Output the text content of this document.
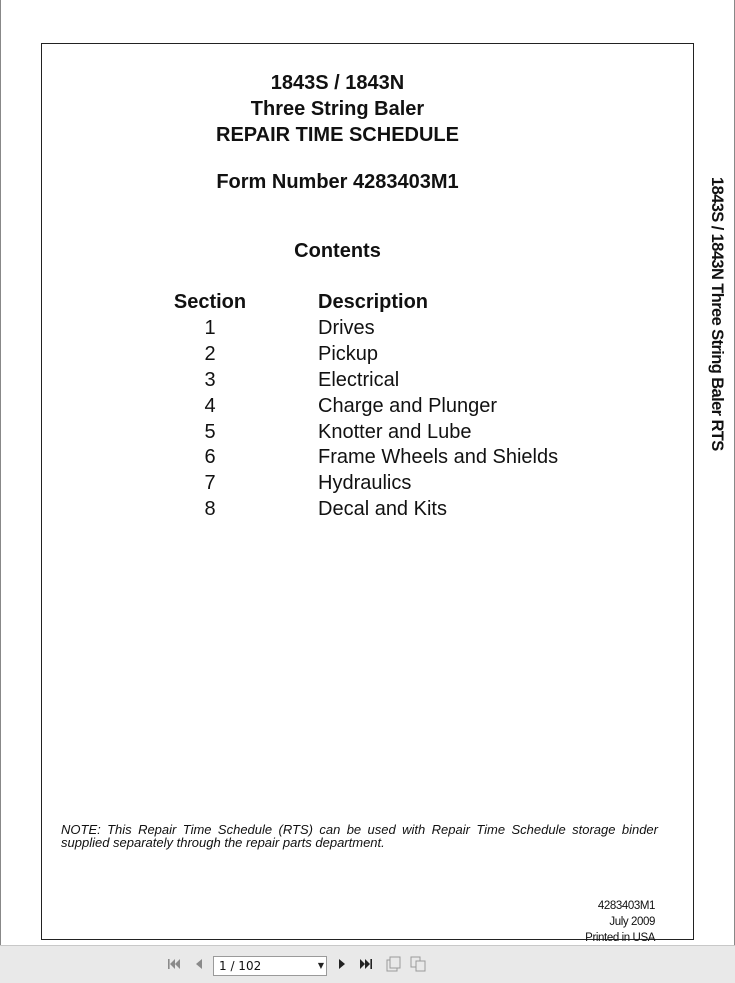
1843S / 1843N
Three String Baler
REPAIR TIME SCHEDULE
Form Number 4283403M1
Contents
Section	Description
1	Drives
2	Pickup
3	Electrical
4	Charge and Plunger
5	Knotter and Lube
6	Frame Wheels and Shields
7	Hydraulics
8	Decal and Kits
1843S / 1843N Three String Baler RTS
NOTE: This Repair Time Schedule (RTS) can be used with Repair Time Schedule storage binder supplied separately through the repair parts department.
4283403M1
July 2009
Printed in USA
1 / 102	▼
